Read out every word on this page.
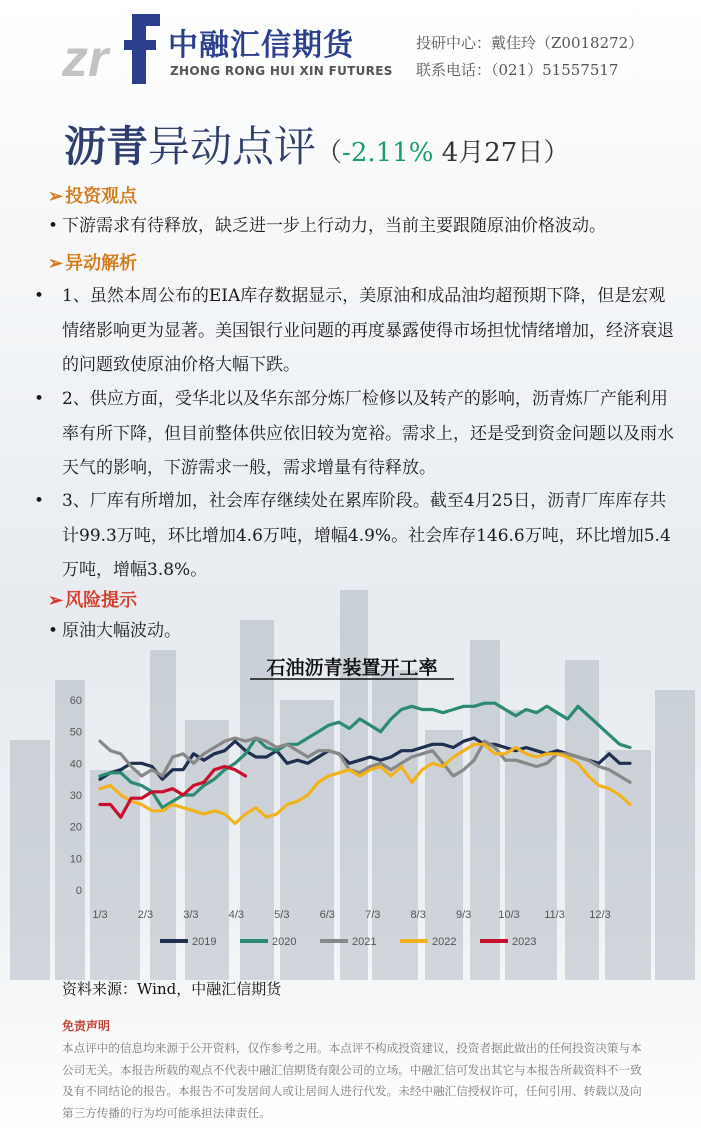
zr 中融汇信期货
ZHONG RONG HUI XIN FUTURES
投研中心：戴佳玲（Z0018272）
联系电话：（021）51557517
沥青异动点评（-2.11% 4月27日）
➢ 投资观点
• 下游需求有待释放，缺乏进一步上行动力，当前主要跟随原油价格波动。
➢ 异动解析
• 1、虽然本周公布的EIA库存数据显示，美原油和成品油均超预期下降，但是宏观情绪影响更为显著。美国银行业问题的再度暴露使得市场担忧情绪增加，经济衰退的问题致使原油价格大幅下跌。
• 2、供应方面，受华北以及华东部分炼厂检修以及转产的影响，沥青炼厂产能利用率有所下降，但目前整体供应依旧较为宽裕。需求上，还是受到资金问题以及雨水天气的影响，下游需求一般，需求增量有待释放。
• 3、厂库有所增加，社会库存继续处在累库阶段。截至4月25日，沥青厂库库存共计99.3万吨，环比增加4.6万吨，增幅4.9%。社会库存146.6万吨，环比增加5.4万吨，增幅3.8%。
➢ 风险提示
• 原油大幅波动。
石油沥青装置开工率
0
10
20
30
40
50
60
1/3	2/3	3/3	4/3	5/3	6/3	7/3	8/3	9/3 10/3 11/3 12/3
2019	2020	2021	2022	2023
资料来源：Wind，中融汇信期货
免责声明
本点评中的信息均来源于公开资料，仅作参考之用。本点评不构成投资建议，投资者据此做出的任何投资决策与本公司无关。本报告所载的观点不代表中融汇信期货有限公司的立场。中融汇信可发出其它与本报告所载资料不一致及有不同结论的报告。本报告不可发居间人或让居间人进行代发。未经中融汇信授权许可，任何引用、转载以及向第三方传播的行为均可能承担法律责任。
